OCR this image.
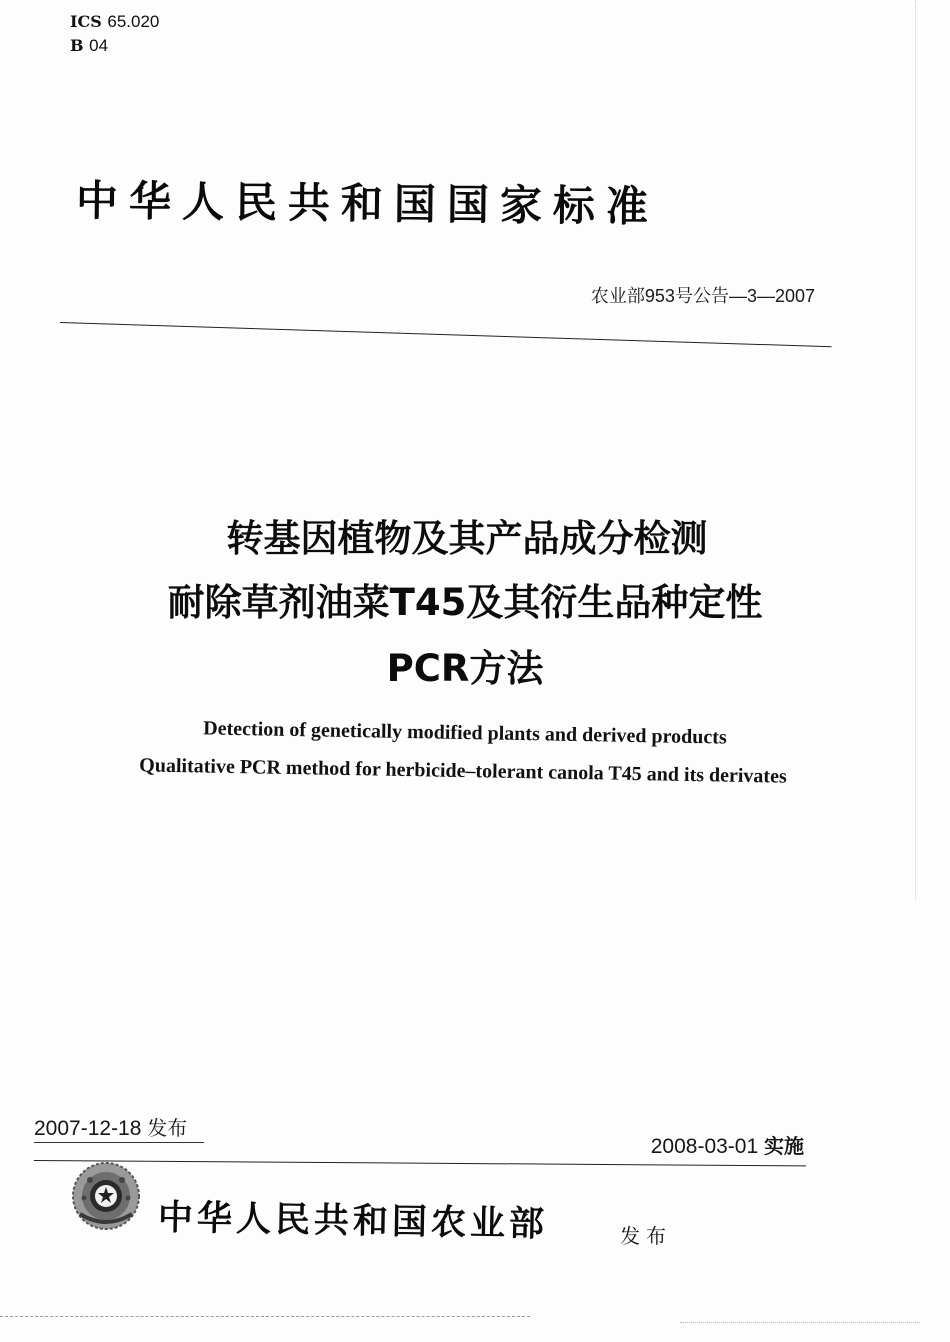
ICS 65.020
B 04
中华人民共和国国家标准
农业部953号公告—3—2007
转基因植物及其产品成分检测
耐除草剂油菜T45及其衍生品种定性
PCR方法
Detection of genetically modified plants and derived products
Qualitative PCR method for herbicide–tolerant canola T45 and its derivates
2007-12-18 发布
2008-03-01 实施
中华人民共和国农业部	发布
